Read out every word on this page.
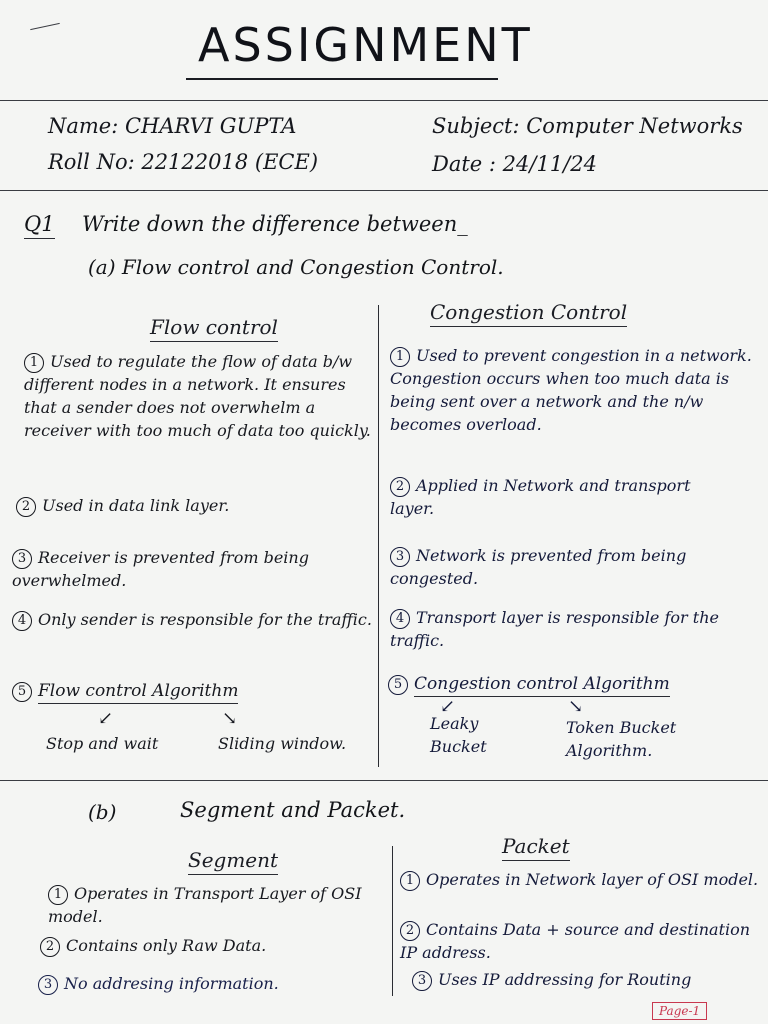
ASSIGNMENT
Name: CHARVI GUPTA
Roll No: 22122018 (ECE)
Subject: Computer Networks
Date : 24/11/24
Q1 Write down the difference between_
(a) Flow control and Congestion Control.
Flow control
Congestion Control
1 Used to regulate the flow of data b/w different nodes in a network. It ensures that a sender does not overwhelm a receiver with too much of data too quickly.
2 Used in data link layer.
3 Receiver is prevented from being overwhelmed.
4 Only sender is responsible for the traffic.
5 Flow control Algorithm
↙	↘
Stop and wait	Sliding window.
1 Used to prevent congestion in a network. Congestion occurs when too much data is being sent over a network and the n/w becomes overload.
2 Applied in Network and transport layer.
3 Network is prevented from being congested.
4 Transport layer is responsible for the traffic.
5 Congestion control Algorithm
↙	↘
Leaky Bucket
Token Bucket Algorithm.
(b)	Segment and Packet.
Segment
Packet
1 Operates in Transport Layer of OSI model.
2 Contains only Raw Data.
3 No addresing information.
1 Operates in Network layer of OSI model.
2 Contains Data + source and destination IP address.
3 Uses IP addressing for Routing
Page-1
